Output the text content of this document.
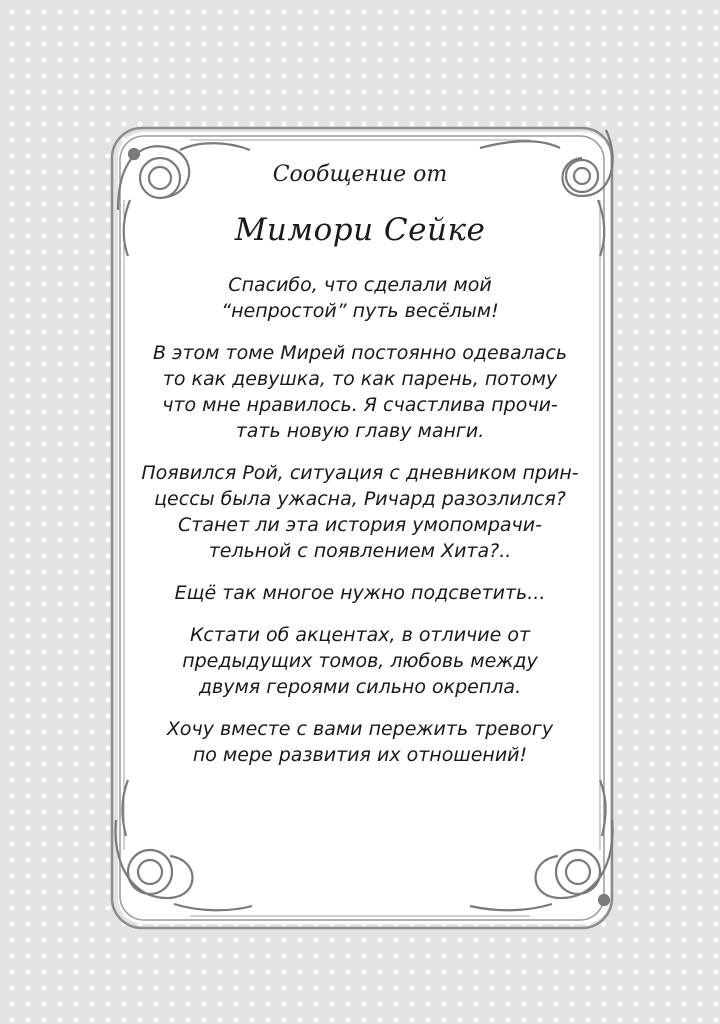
Сообщение от
Мимори Сейке
Спасибо, что сделали мой
“непростой” путь весёлым!
В этом томе Мирей постоянно одевалась
то как девушка, то как парень, потому
что мне нравилось. Я счастлива прочи-
тать новую главу манги.
Появился Рой, ситуация с дневником прин-
цессы была ужасна, Ричард разозлился?
Станет ли эта история умопомрачи-
тельной с появлением Хита?..
Ещё так многое нужно подсветить...
Кстати об акцентах, в отличие от
предыдущих томов, любовь между
двумя героями сильно окрепла.
Хочу вместе с вами пережить тревогу
по мере развития их отношений!
